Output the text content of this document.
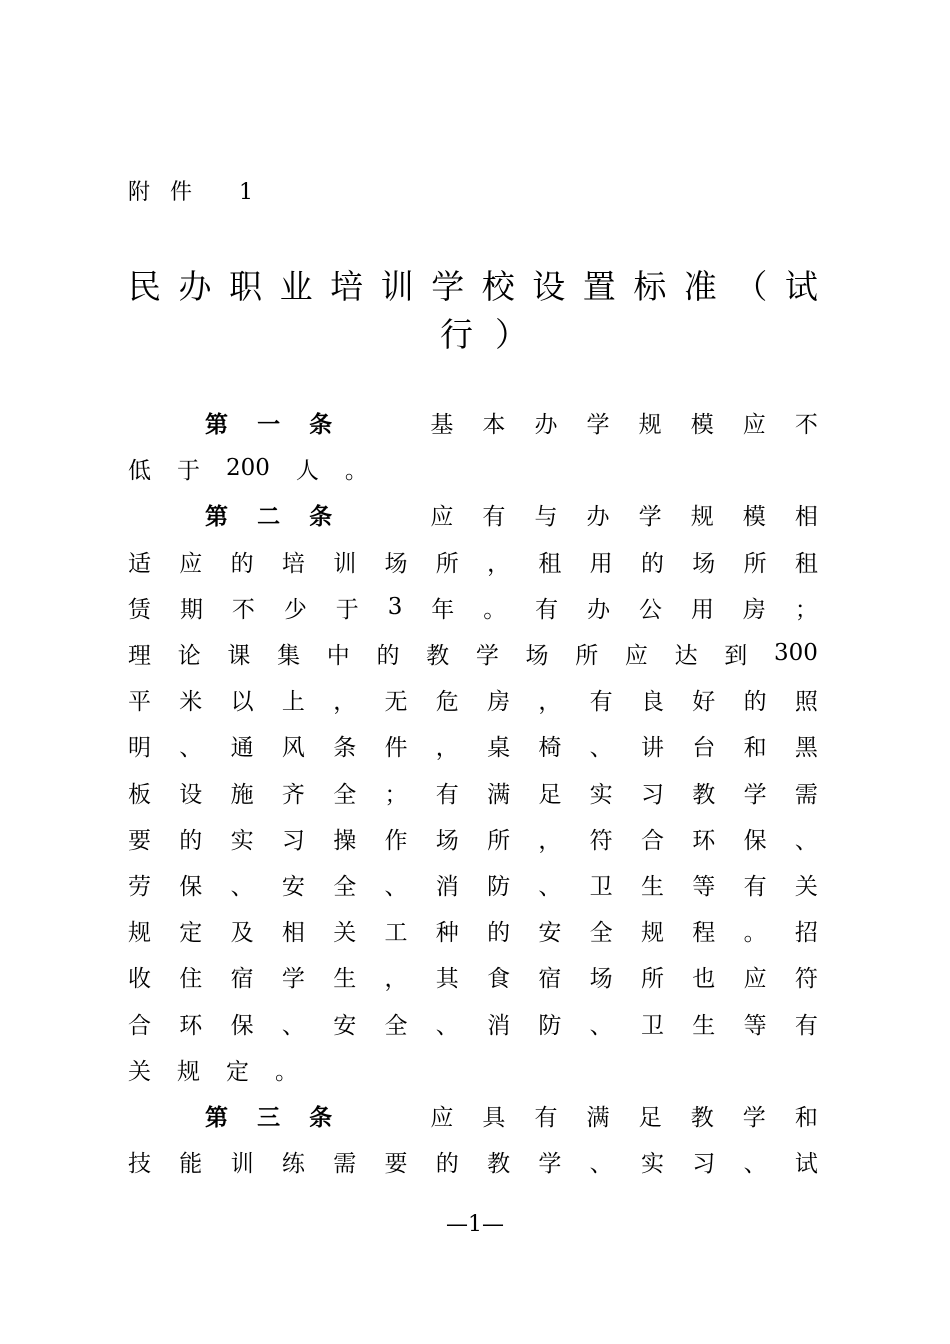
附件 1
民 办 职 业 培 训 学 校 设 置 标 准 （ 试
行）
第 一 条	基 本 办 学 规 模 应 不
低 于 200 人 。
第 二 条	应 有 与 办 学 规 模 相
适 应 的 培 训 场 所 ， 租 用 的 场 所 租
赁 期 不 少 于 3 年 。 有 办 公 用 房 ；
理 论 课 集 中 的 教 学 场 所 应 达 到 300
平 米 以 上 ， 无 危 房 ， 有 良 好 的 照
明 、 通 风 条 件 ， 桌 椅 、 讲 台 和 黑
板 设 施 齐 全 ； 有 满 足 实 习 教 学 需
要 的 实 习 操 作 场 所 ， 符 合 环 保 、
劳 保 、 安 全 、 消 防 、 卫 生 等 有 关
规 定 及 相 关 工 种 的 安 全 规 程 。 招
收 住 宿 学 生 ， 其 食 宿 场 所 也 应 符
合 环 保 、 安 全 、 消 防 、 卫 生 等 有
关 规 定 。
第 三 条	应 具 有 满 足 教 学 和
技 能 训 练 需 要 的 教 学 、 实 习 、 试
—1—
